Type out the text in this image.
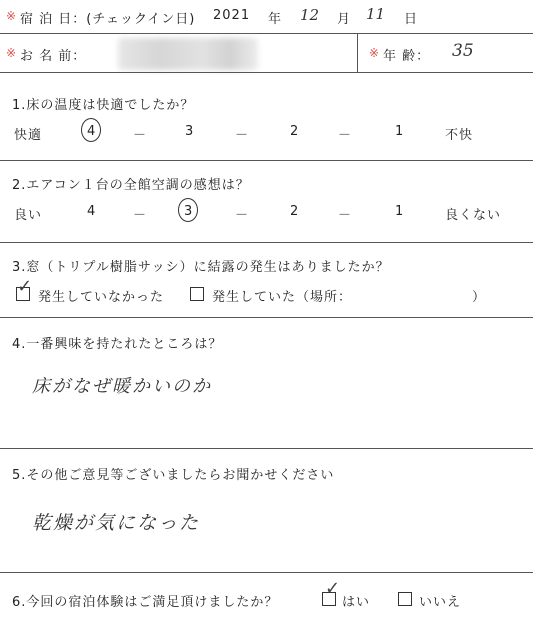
※ 宿 泊 日：(チェックイン日) 2021 年 12 月 11 日
※ お 名 前：	※ 年 齢： 35
1.床の温度は快適でしたか？
快適	4	－	3	－	2	－	1	不快
2.エアコン１台の全館空調の感想は？
良い	4	－	3	－	2	－	1	良くない
3.窓（トリプル樹脂サッシ）に結露の発生はありましたか？
✓
発生していなかった	発生していた（場所：	）
4.一番興味を持たれたところは？
床がなぜ暖かいのか
5.その他ご意見等ございましたらお聞かせください
乾燥が気になった
6.今回の宿泊体験はご満足頂けましたか？
✓
はい	いいえ
